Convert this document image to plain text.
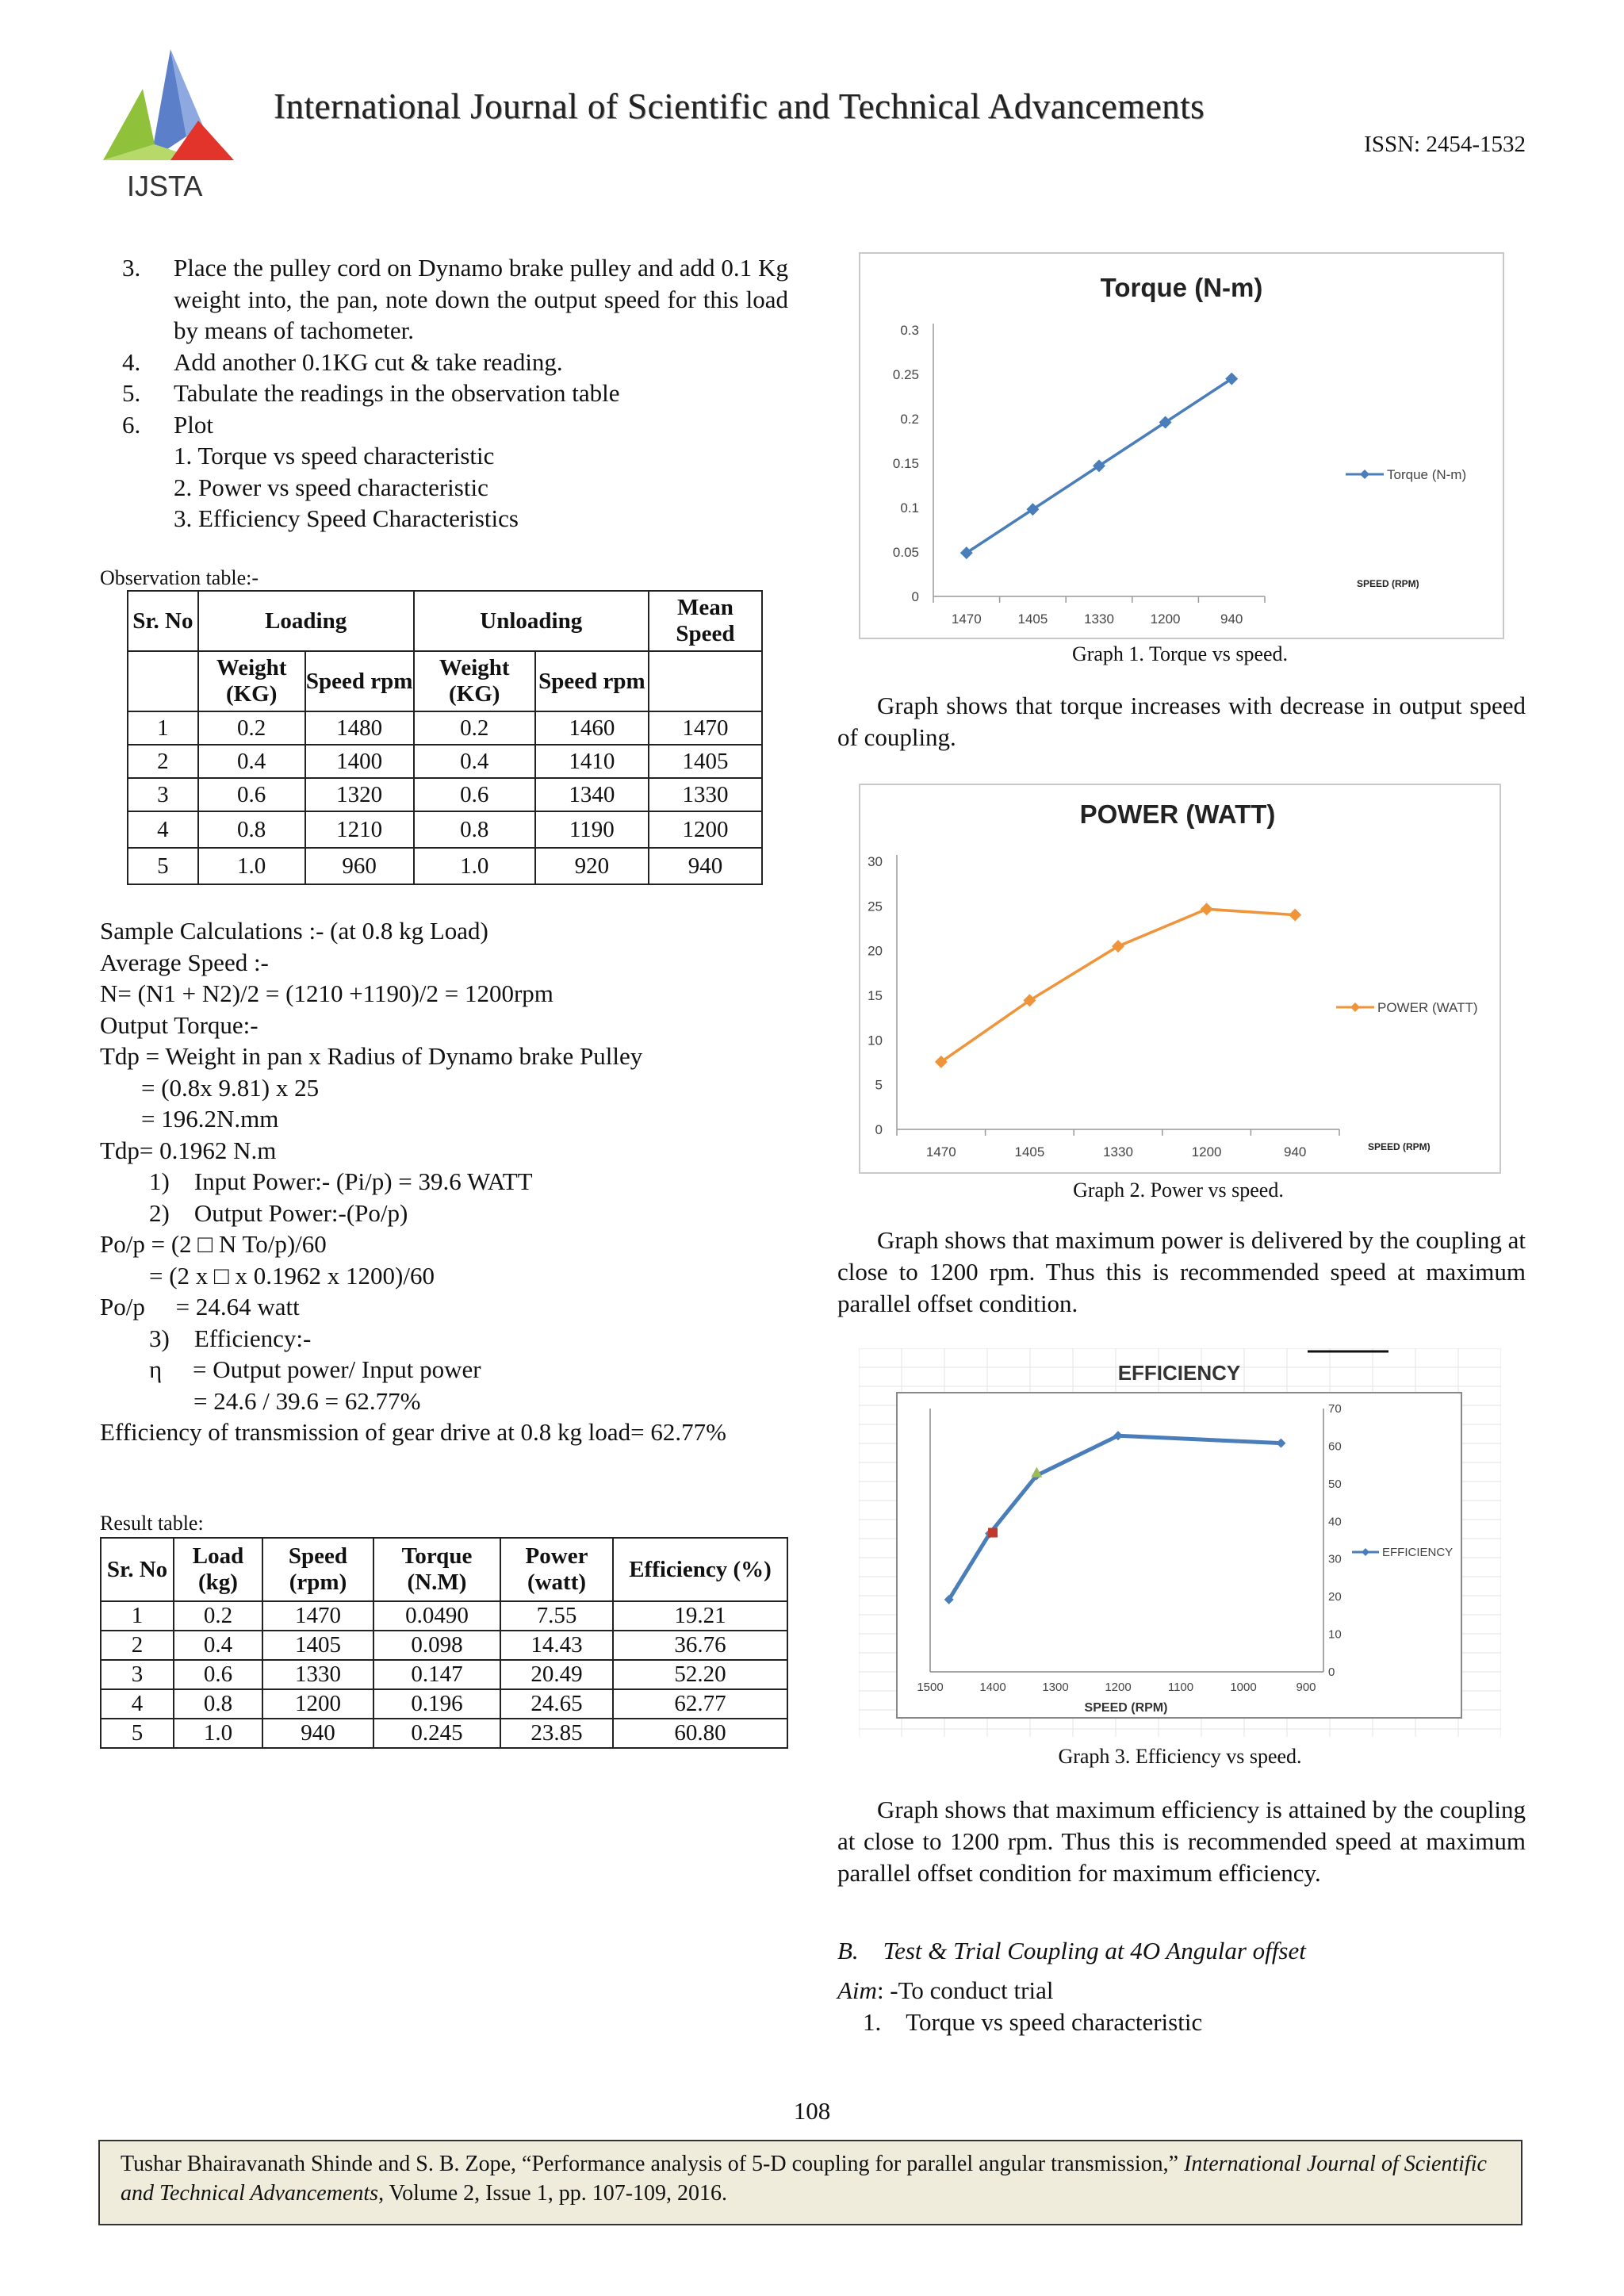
IJSTA
International Journal of Scientific and Technical Advancements
ISSN: 2454-1532
3.	Place the pulley cord on Dynamo brake pulley and add 0.1 Kg weight into, the pan, note down the output speed for this load by means of tachometer.
4.	Add another 0.1KG cut & take reading.
5.	Tabulate the readings in the observation table
6.	Plot
1. Torque vs speed characteristic
2. Power vs speed characteristic
3. Efficiency Speed Characteristics
Observation table:-
Sr. No	Loading		Unloading		Mean Speed
	Weight (KG)	Speed rpm	Weight (KG)	Speed rpm	
1	0.2	1480	0.2	1460	1470
2	0.4	1400	0.4	1410	1405
3	0.6	1320	0.6	1340	1330
4	0.8	1210	0.8	1190	1200
5	1.0	960	1.0	920	940
Sample Calculations :- (at 0.8 kg Load)
Average Speed :-
N= (N1 + N2)/2 = (1210 +1190)/2 = 1200rpm
Output Torque:-
Tdp = Weight in pan x Radius of Dynamo brake Pulley
= (0.8x 9.81) x 25
= 196.2N.mm
Tdp= 0.1962 N.m
1) Input Power:- (Pi/p) = 39.6 WATT
2) Output Power:-(Po/p)
Po/p = (2 □ N To/p)/60
= (2 x □ x 0.1962 x 1200)/60
Po/p  = 24.64 watt
3) Efficiency:-
η  = Output power/ Input power
= 24.6 / 39.6 = 62.77%
Efficiency of transmission of gear drive at 0.8 kg load= 62.77%
Result table:
Sr. No	Load (kg)	Speed (rpm)	Torque (N.M)	Power (watt)	Efficiency (%)
1	0.2	1470	0.0490	7.55	19.21
2	0.4	1405	0.098	14.43	36.76
3	0.6	1330	0.147	20.49	52.20
4	0.8	1200	0.196	24.65	62.77
5	1.0	940	0.245	23.85	60.80
Torque (N-m)
0
0.05
0.1
0.15
0.2
0.25
0.3
1470	1405	1330	1200	940
Torque (N-m)
SPEED (RPM)
Graph 1. Torque vs speed.
Graph shows that torque increases with decrease in output speed of coupling.
POWER (WATT)
0
5
10
15
20
25
30
1470	1405	1330	1200	940
POWER (WATT)
SPEED (RPM)
Graph 2. Power vs speed.
Graph shows that maximum power is delivered by the coupling at close to 1200 rpm. Thus this is recommended speed at maximum parallel offset condition.
EFFICIENCY
0
10
20
30
40
50
60
70
1500	1400	1300	1200	1100	1000	900
SPEED (RPM)
EFFICIENCY
Graph 3. Efficiency vs speed.
Graph shows that maximum efficiency is attained by the coupling at close to 1200 rpm. Thus this is recommended speed at maximum parallel offset condition for maximum efficiency.
B. Test & Trial Coupling at 4O Angular offset
Aim: -To conduct trial
1. Torque vs speed characteristic
108
Tushar Bhairavanath Shinde and S. B. Zope, “Performance analysis of 5-D coupling for parallel angular transmission,” International Journal of Scientific and Technical Advancements, Volume 2, Issue 1, pp. 107-109, 2016.
